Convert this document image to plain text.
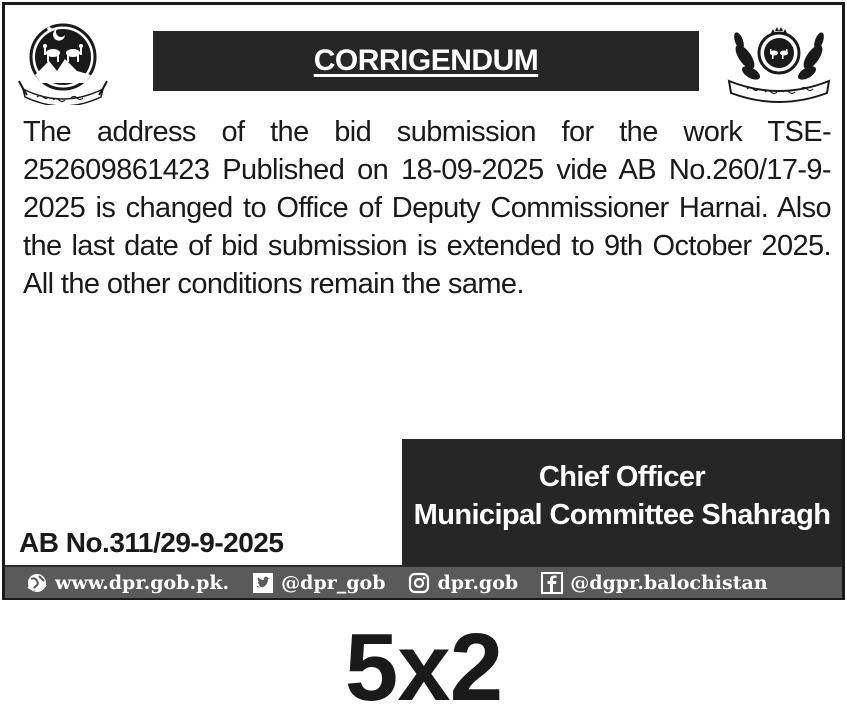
CORRIGENDUM

The address of the bid submission for the work TSE-252609861423 Published on 18-09-2025 vide AB No.260/17-9-2025 is changed to Office of Deputy Commissioner Harnai. Also the last date of bid submission is extended to 9th October 2025. All the other conditions remain the same.

AB No.311/29-9-2025
Chief Officer
Municipal Committee Shahragh
www.dpr.gob.pk.	@dpr_gob	dpr.gob	@dgpr.balochistan
5x2
